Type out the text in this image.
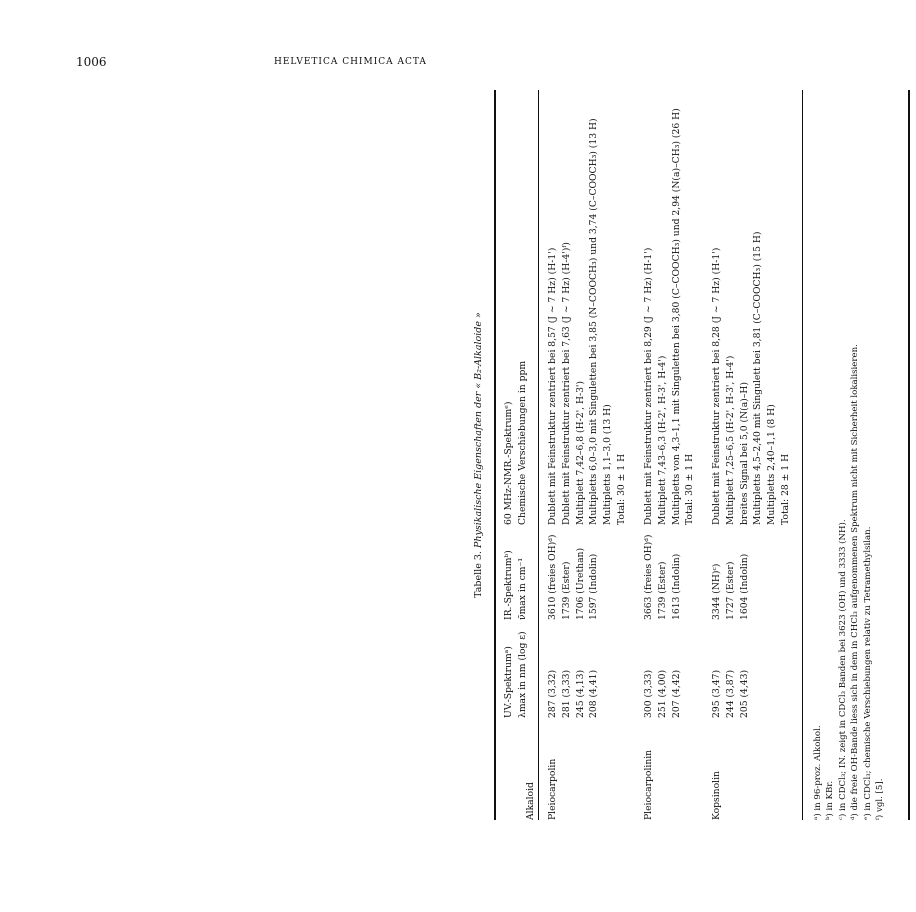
1006	HELVETICA CHIMICA ACTA
Tabelle 3. Physikalische Eigenschaften der « B₂-Alkaloide »
Alkaloid
UV.-Spektrumᵃ) λmax in nm (log ε)
IR.-Spektrumᵇ) ν̃max in cm⁻¹
60 MHz-NMR.-Spektrumᵉ) Chemische Verschiebungen in ppm
Pleiocarpolin
287 (3,32) 281 (3,33) 245 (4,13) 208 (4,41)
3610 (freies OH)ᵈ) 1739 (Ester) 1706 (Urethan) 1597 (Indolin)
Dublett mit Feinstruktur zentriert bei 8,57 (J ~ 7 Hz) (H-1') Dublett mit Feinstruktur zentriert bei 7,63 (J ~ 7 Hz) (H-4')ᶠ) Multiplett 7,42–6,8 (H-2', H-3') Multipletts 6,0–3,0 mit Singuletten bei 3,85 (N–COOCH₃) und 3,74 (C–COOCH₃) (13 H) Multipletts 1,1–3,0 (13 H) Total: 30 ± 1 H
Pleiocarpolinin
300 (3,33) 251 (4,00) 207 (4,42)
3663 (freies OH)ᵈ) 1739 (Ester) 1613 (Indolin)
Dublett mit Feinstruktur zentriert bei 8,29 (J ~ 7 Hz) (H-1') Multiplett 7,43–6,3 (H-2', H-3', H-4') Multipletts von 4,3–1,1 mit Singuletten bei 3,80 (C–COOCH₃) und 2,94 (N(a)–CH₃) (26 H) Total: 30 ± 1 H
Kopsinolin
295 (3,47) 244 (3,87) 205 (4,43)
3344 (NH)ᶜ) 1727 (Ester) 1604 (Indolin)
Dublett mit Feinstruktur zentriert bei 8,28 (J ~ 7 Hz) (H-1') Multiplett 7,25–6,5 (H-2', H-3', H-4') breites Signal bei 5,0 (N(a)–H) Multipletts 4,5–2,40 mit Singulett bei 3,81 (C–COOCH₃) (15 H) Multipletts 2,40–1,1 (8 H) Total: 28 ± 1 H
ᵃ) in 96-proz. Alkohol. ᵇ) in KBr. ᶜ) in CDCl₃; IN. zeigt in CDCl₃ Banden bei 3623 (OH) und 3333 (NH). ᵈ) die freie OH-Bande liess sich in dem in CHCl₃ aufgenommenen Spektrum nicht mit Sicherheit lokalisieren. ᵉ) in CDCl₃; chemische Verschiebungen relativ zu Tetramethylsilan. ᶠ) vgl. [5].
